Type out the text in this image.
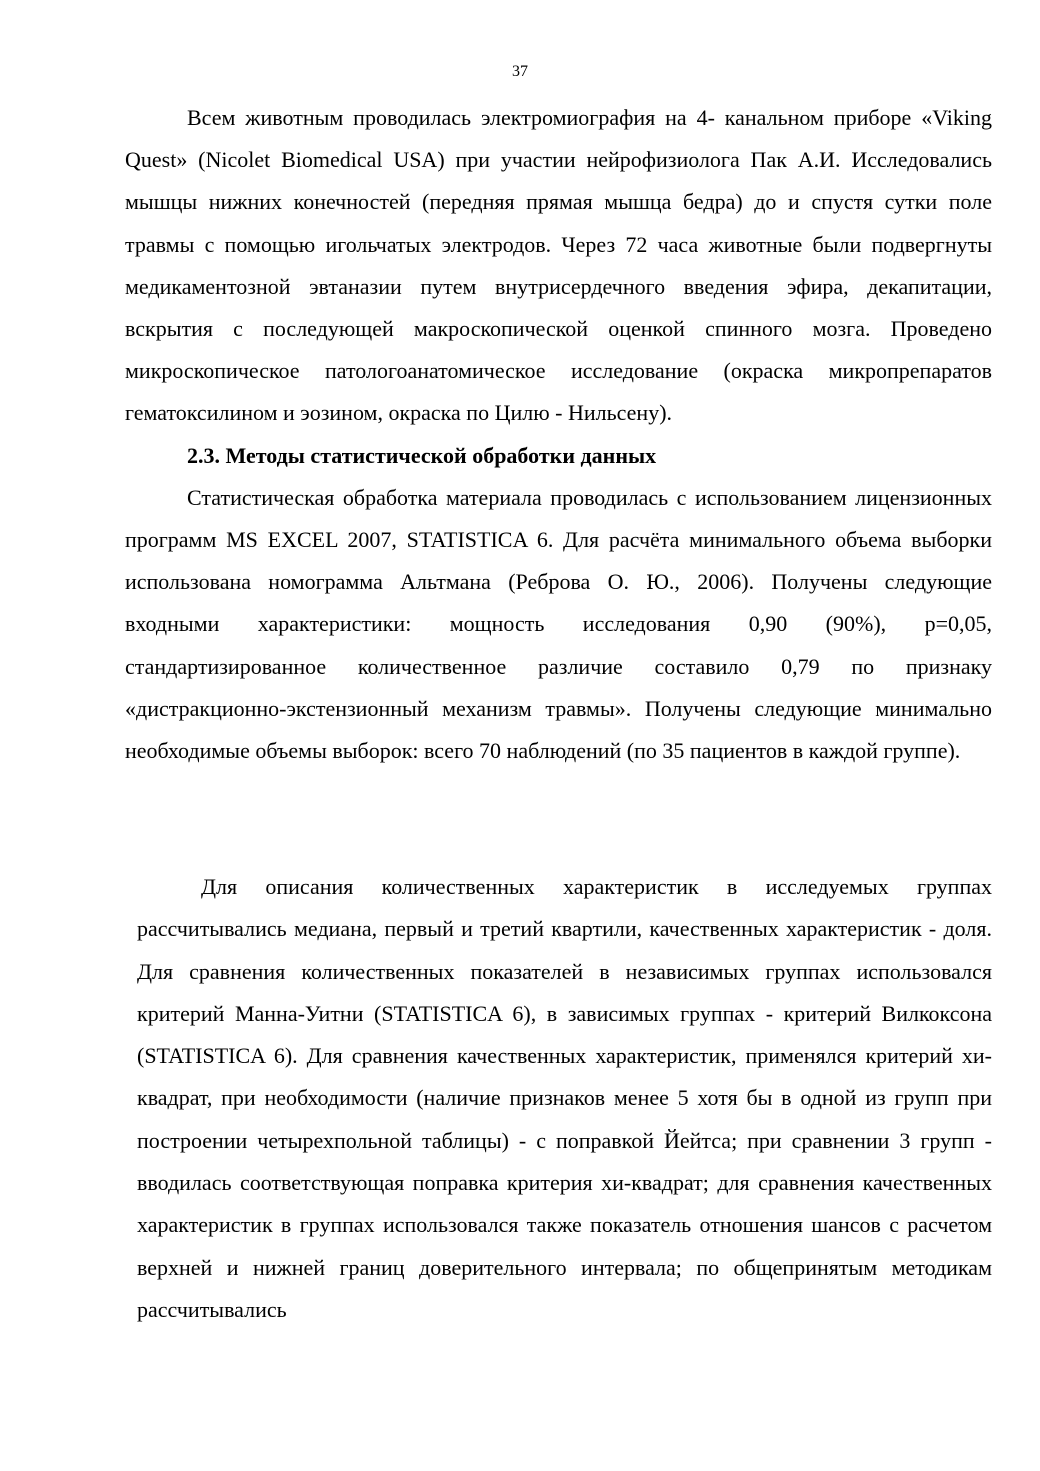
37

Всем животным проводилась электромиография на 4- канальном приборе «Viking Quest» (Nicolet Biomedical USA) при участии нейрофизиолога Пак А.И. Исследовались мышцы нижних конечностей (передняя прямая мышца бедра) до и спустя сутки поле травмы с помощью игольчатых электродов. Через 72 часа животные были подвергнуты медикаментозной эвтаназии путем внутрисердечного введения эфира, декапитации, вскрытия с последующей макроскопической оценкой спинного мозга. Проведено микроскопическое патологоанатомическое исследование (окраска микропрепаратов гематоксилином и эозином, окраска по Цилю - Нильсену).

2.3. Методы статистической обработки данных

Статистическая обработка материала проводилась с использованием лицензионных программ MS EXCEL 2007, STATISTICA 6. Для расчёта минимального объема выборки использована номограмма Альтмана (Реброва О. Ю., 2006). Получены следующие входными характеристики: мощность исследования 0,90 (90%), p=0,05, стандартизированное количественное различие составило 0,79 по признаку «дистракционно-экстензионный механизм травмы». Получены следующие минимально необходимые объемы выборок: всего 70 наблюдений (по 35 пациентов в каждой группе).

Для описания количественных характеристик в исследуемых группах рассчитывались медиана, первый и третий квартили, качественных характеристик - доля. Для сравнения количественных показателей в независимых группах использовался критерий Манна-Уитни (STATISTICA 6), в зависимых группах - критерий Вилкоксона (STATISTICA 6). Для сравнения качественных характеристик, применялся критерий хи-квадрат, при необходимости (наличие признаков менее 5 хотя бы в одной из групп при построении четырехпольной таблицы) - с поправкой Йейтса; при сравнении 3 групп - вводилась соответствующая поправка критерия хи-квадрат; для сравнения качественных характеристик в группах использовался также показатель отношения шансов с расчетом верхней и нижней границ доверительного интервала; по общепринятым методикам рассчитывались
